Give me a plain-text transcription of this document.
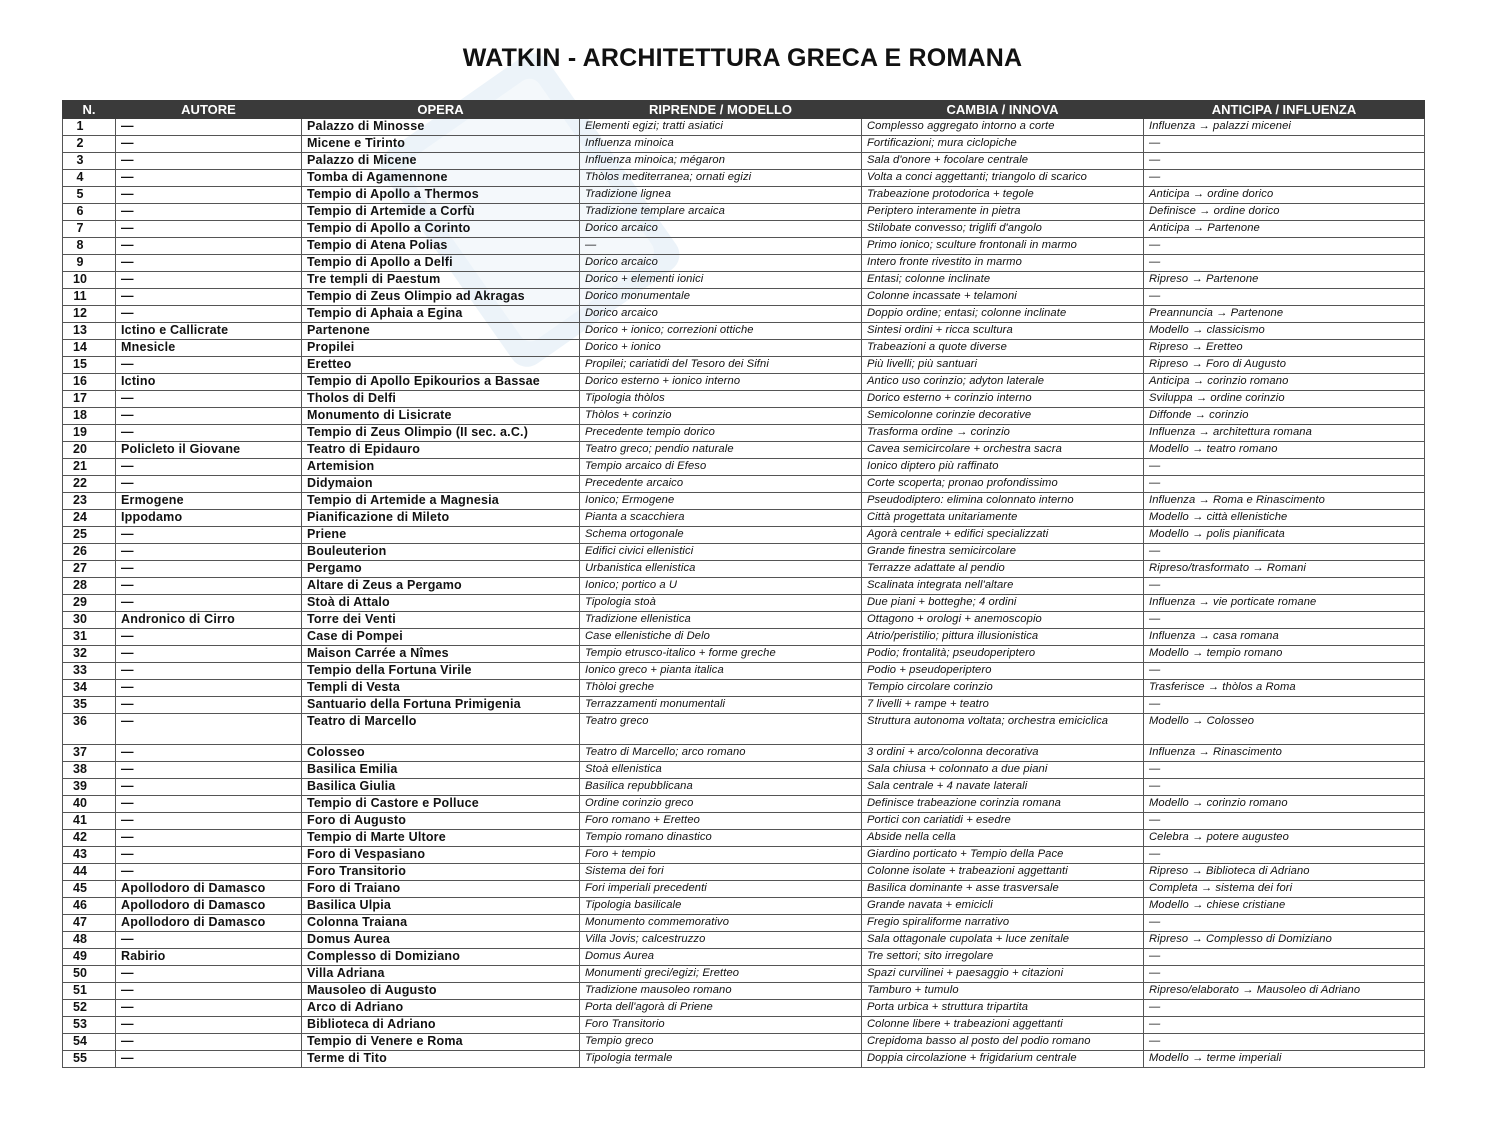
WATKIN - ARCHITETTURA GRECA E ROMANA
N.	AUTORE	OPERA	RIPRENDE / MODELLO	CAMBIA / INNOVA	ANTICIPA / INFLUENZA
1	—	Palazzo di Minosse	Elementi egizi; tratti asiatici	Complesso aggregato intorno a corte	Influenza → palazzi micenei
2	—	Micene e Tirinto	Influenza minoica	Fortificazioni; mura ciclopiche	—
3	—	Palazzo di Micene	Influenza minoica; mégaron	Sala d'onore + focolare centrale	—
4	—	Tomba di Agamennone	Thòlos mediterranea; ornati egizi	Volta a conci aggettanti; triangolo di scarico	—
5	—	Tempio di Apollo a Thermos	Tradizione lignea	Trabeazione protodorica + tegole	Anticipa → ordine dorico
6	—	Tempio di Artemide a Corfù	Tradizione templare arcaica	Periptero interamente in pietra	Definisce → ordine dorico
7	—	Tempio di Apollo a Corinto	Dorico arcaico	Stilobate convesso; triglifi d'angolo	Anticipa → Partenone
8	—	Tempio di Atena Polias	—	Primo ionico; sculture frontonali in marmo	—
9	—	Tempio di Apollo a Delfi	Dorico arcaico	Intero fronte rivestito in marmo	—
10	—	Tre templi di Paestum	Dorico + elementi ionici	Entasi; colonne inclinate	Ripreso → Partenone
11	—	Tempio di Zeus Olimpio ad Akragas	Dorico monumentale	Colonne incassate + telamoni	—
12	—	Tempio di Aphaia a Egina	Dorico arcaico	Doppio ordine; entasi; colonne inclinate	Preannuncia → Partenone
13	Ictino e Callicrate	Partenone	Dorico + ionico; correzioni ottiche	Sintesi ordini + ricca scultura	Modello → classicismo
14	Mnesicle	Propilei	Dorico + ionico	Trabeazioni a quote diverse	Ripreso → Eretteo
15	—	Eretteo	Propilei; cariatidi del Tesoro dei Sifni	Più livelli; più santuari	Ripreso → Foro di Augusto
16	Ictino	Tempio di Apollo Epikourios a Bassae	Dorico esterno + ionico interno	Antico uso corinzio; adyton laterale	Anticipa → corinzio romano
17	—	Tholos di Delfi	Tipologia thòlos	Dorico esterno + corinzio interno	Sviluppa → ordine corinzio
18	—	Monumento di Lisicrate	Thòlos + corinzio	Semicolonne corinzie decorative	Diffonde → corinzio
19	—	Tempio di Zeus Olimpio (II sec. a.C.)	Precedente tempio dorico	Trasforma ordine → corinzio	Influenza → architettura romana
20	Policleto il Giovane	Teatro di Epidauro	Teatro greco; pendio naturale	Cavea semicircolare + orchestra sacra	Modello → teatro romano
21	—	Artemision	Tempio arcaico di Efeso	Ionico diptero più raffinato	—
22	—	Didymaion	Precedente arcaico	Corte scoperta; pronao profondissimo	—
23	Ermogene	Tempio di Artemide a Magnesia	Ionico; Ermogene	Pseudodiptero: elimina colonnato interno	Influenza → Roma e Rinascimento
24	Ippodamo	Pianificazione di Mileto	Pianta a scacchiera	Città progettata unitariamente	Modello → città ellenistiche
25	—	Priene	Schema ortogonale	Agorà centrale + edifici specializzati	Modello → polis pianificata
26	—	Bouleuterion	Edifici civici ellenistici	Grande finestra semicircolare	—
27	—	Pergamo	Urbanistica ellenistica	Terrazze adattate al pendio	Ripreso/trasformato → Romani
28	—	Altare di Zeus a Pergamo	Ionico; portico a U	Scalinata integrata nell'altare	—
29	—	Stoà di Attalo	Tipologia stoà	Due piani + botteghe; 4 ordini	Influenza → vie porticate romane
30	Andronico di Cirro	Torre dei Venti	Tradizione ellenistica	Ottagono + orologi + anemoscopio	—
31	—	Case di Pompei	Case ellenistiche di Delo	Atrio/peristilio; pittura illusionistica	Influenza → casa romana
32	—	Maison Carrée a Nîmes	Tempio etrusco-italico + forme greche	Podio; frontalità; pseudoperiptero	Modello → tempio romano
33	—	Tempio della Fortuna Virile	Ionico greco + pianta italica	Podio + pseudoperiptero	—
34	—	Templi di Vesta	Thòloi greche	Tempio circolare corinzio	Trasferisce → thòlos a Roma
35	—	Santuario della Fortuna Primigenia	Terrazzamenti monumentali	7 livelli + rampe + teatro	—
36	—	Teatro di Marcello	Teatro greco	Struttura autonoma voltata; orchestra emiciclica	Modello → Colosseo
37	—	Colosseo	Teatro di Marcello; arco romano	3 ordini + arco/colonna decorativa	Influenza → Rinascimento
38	—	Basilica Emilia	Stoà ellenistica	Sala chiusa + colonnato a due piani	—
39	—	Basilica Giulia	Basilica repubblicana	Sala centrale + 4 navate laterali	—
40	—	Tempio di Castore e Polluce	Ordine corinzio greco	Definisce trabeazione corinzia romana	Modello → corinzio romano
41	—	Foro di Augusto	Foro romano + Eretteo	Portici con cariatidi + esedre	—
42	—	Tempio di Marte Ultore	Tempio romano dinastico	Abside nella cella	Celebra → potere augusteo
43	—	Foro di Vespasiano	Foro + tempio	Giardino porticato + Tempio della Pace	—
44	—	Foro Transitorio	Sistema dei fori	Colonne isolate + trabeazioni aggettanti	Ripreso → Biblioteca di Adriano
45	Apollodoro di Damasco	Foro di Traiano	Fori imperiali precedenti	Basilica dominante + asse trasversale	Completa → sistema dei fori
46	Apollodoro di Damasco	Basilica Ulpia	Tipologia basilicale	Grande navata + emicicli	Modello → chiese cristiane
47	Apollodoro di Damasco	Colonna Traiana	Monumento commemorativo	Fregio spiraliforme narrativo	—
48	—	Domus Aurea	Villa Jovis; calcestruzzo	Sala ottagonale cupolata + luce zenitale	Ripreso → Complesso di Domiziano
49	Rabirio	Complesso di Domiziano	Domus Aurea	Tre settori; sito irregolare	—
50	—	Villa Adriana	Monumenti greci/egizi; Eretteo	Spazi curvilinei + paesaggio + citazioni	—
51	—	Mausoleo di Augusto	Tradizione mausoleo romano	Tamburo + tumulo	Ripreso/elaborato → Mausoleo di Adriano
52	—	Arco di Adriano	Porta dell'agorà di Priene	Porta urbica + struttura tripartita	—
53	—	Biblioteca di Adriano	Foro Transitorio	Colonne libere + trabeazioni aggettanti	—
54	—	Tempio di Venere e Roma	Tempio greco	Crepidoma basso al posto del podio romano	—
55	—	Terme di Tito	Tipologia termale	Doppia circolazione + frigidarium centrale	Modello → terme imperiali
